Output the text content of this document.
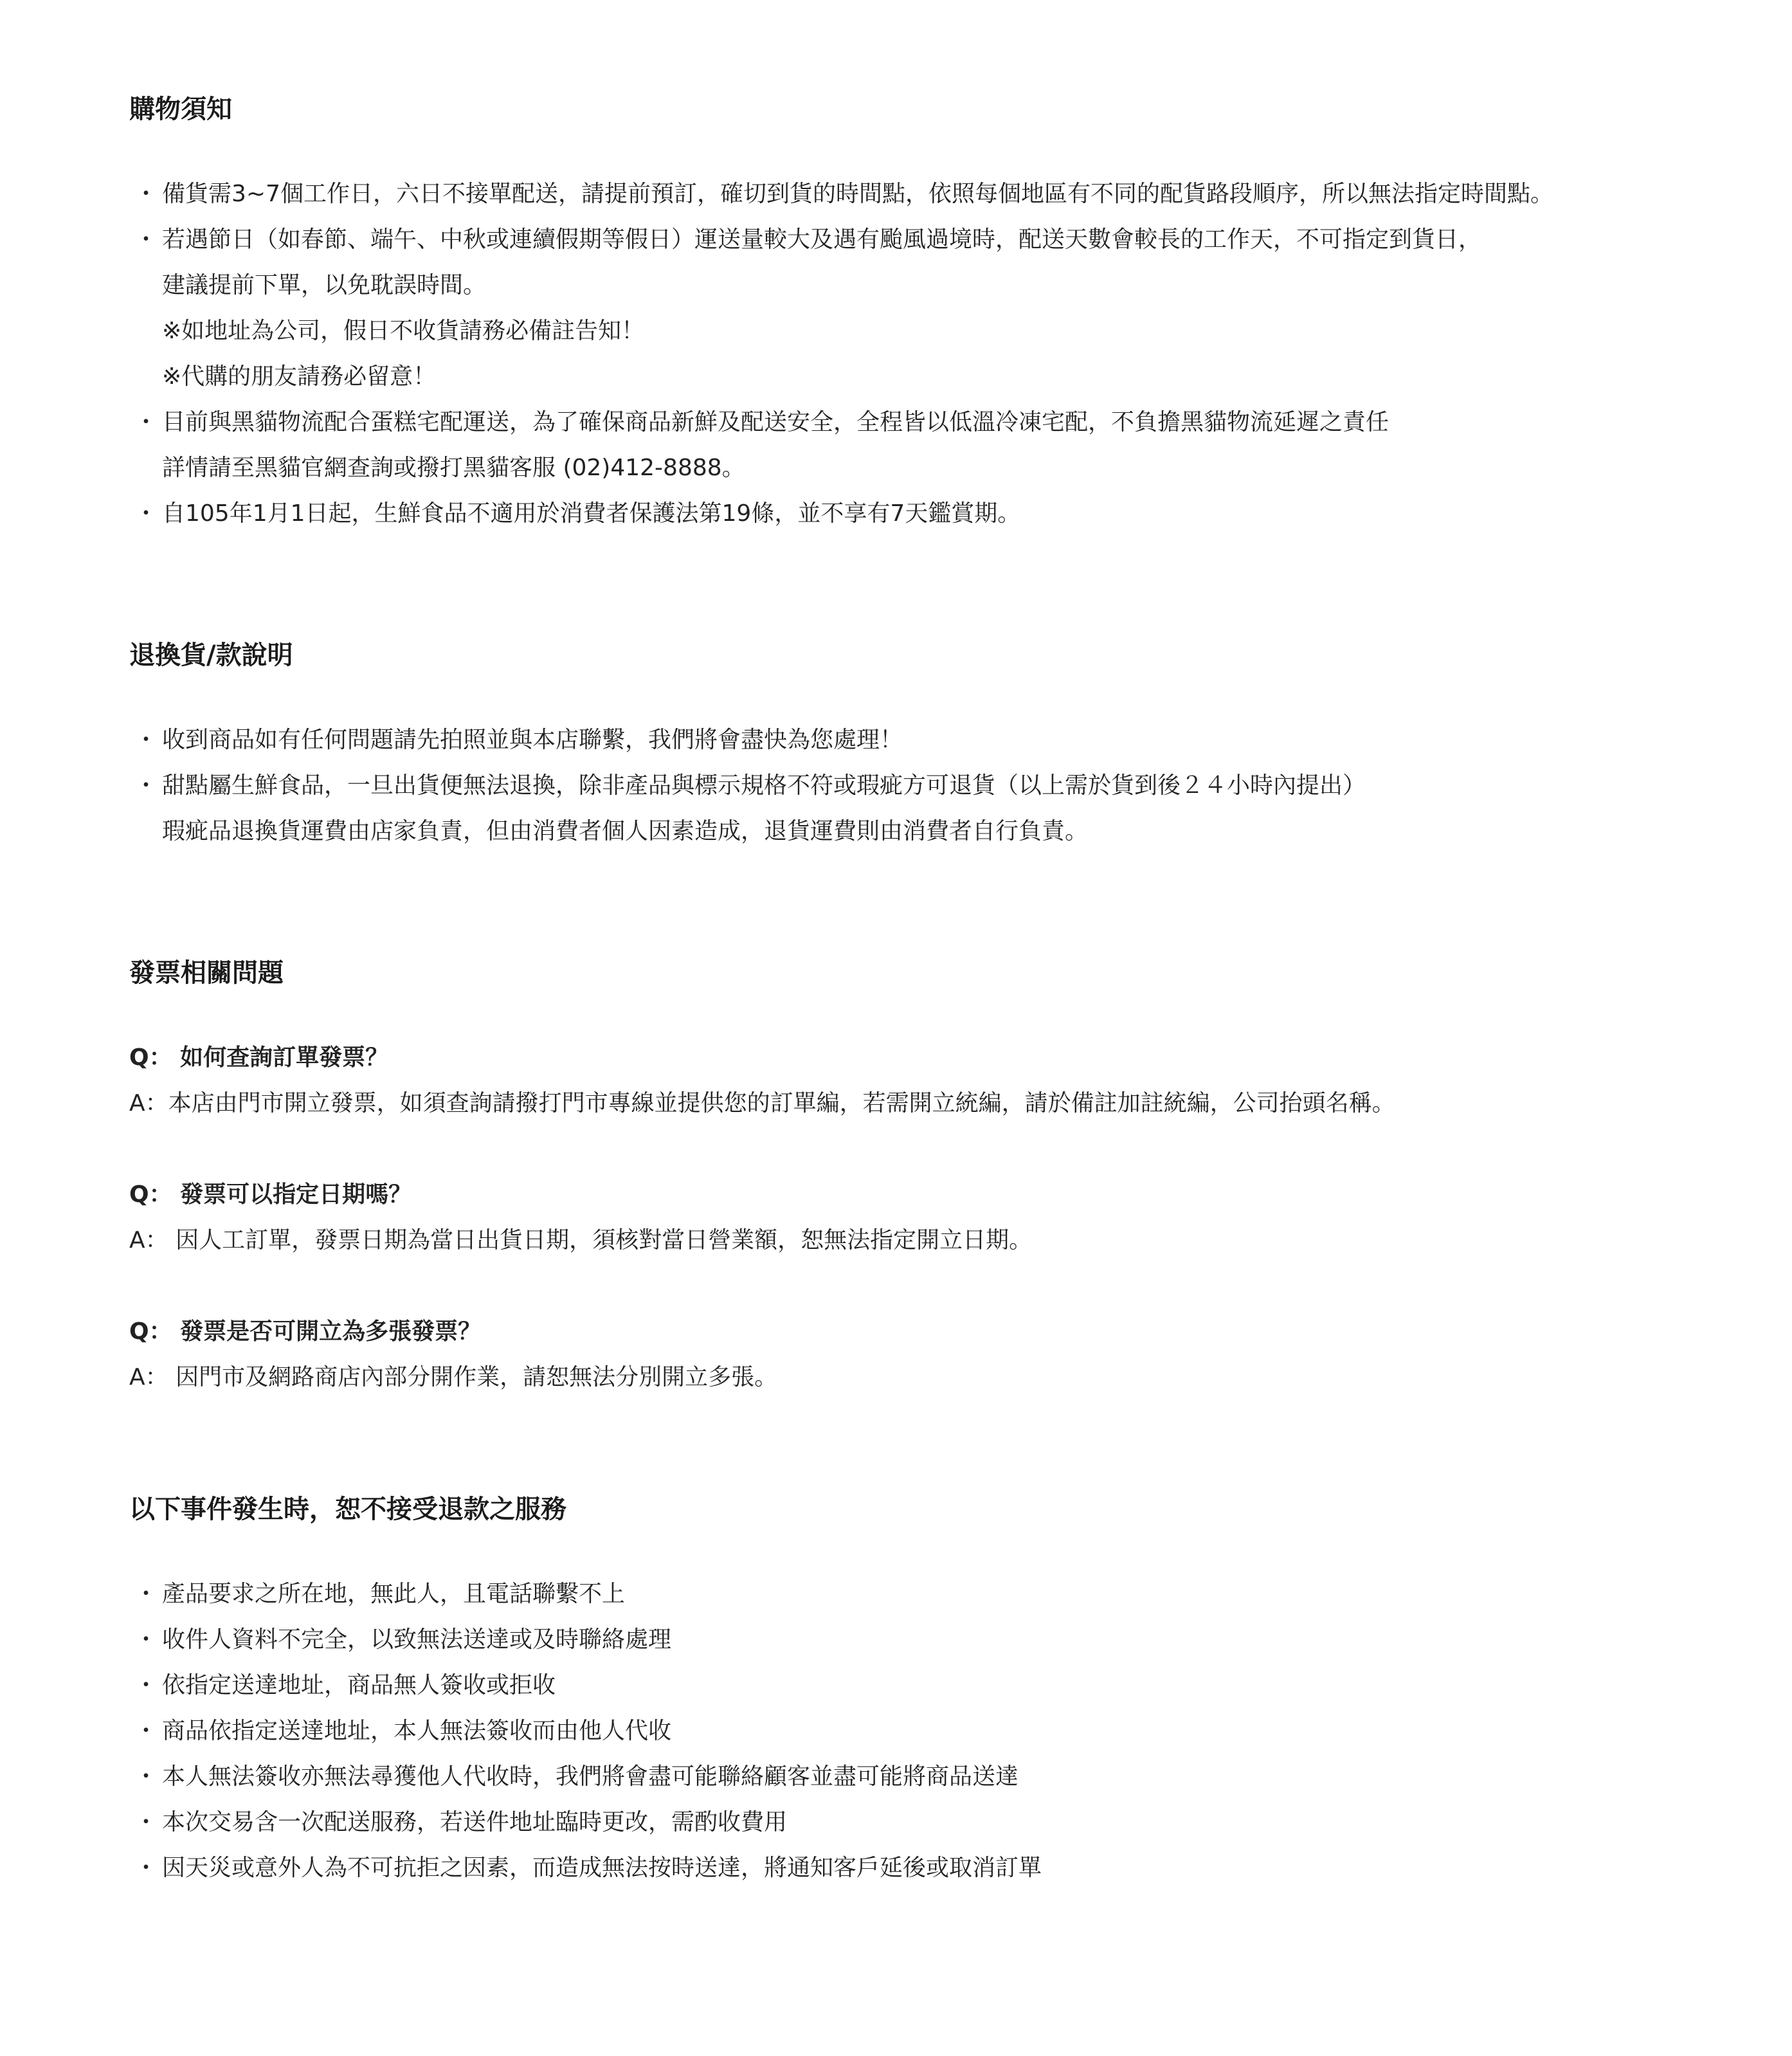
購物須知
・ 備貨需3~7個工作日，六日不接單配送，請提前預訂，確切到貨的時間點，依照每個地區有不同的配貨路段順序，所以無法指定時間點。
・ 若遇節日（如春節、端午、中秋或連續假期等假日）運送量較大及遇有颱風過境時，配送天數會較長的工作天，不可指定到貨日，
建議提前下單，以免耽誤時間。
※如地址為公司，假日不收貨請務必備註告知！
※代購的朋友請務必留意！
・ 目前與黑貓物流配合蛋糕宅配運送，為了確保商品新鮮及配送安全，全程皆以低溫冷凍宅配，不負擔黑貓物流延遲之責任
詳情請至黑貓官網查詢或撥打黑貓客服 (02)412-8888。
・ 自105年1月1日起，生鮮食品不適用於消費者保護法第19條，並不享有7天鑑賞期。
退換貨/款說明
・ 收到商品如有任何問題請先拍照並與本店聯繫，我們將會盡快為您處理！
・ 甜點屬生鮮食品，一旦出貨便無法退換，除非產品與標示規格不符或瑕疵方可退貨（以上需於貨到後２４小時內提出）
瑕疵品退換貨運費由店家負責，但由消費者個人因素造成，退貨運費則由消費者自行負責。
發票相關問題
Q： 如何查詢訂單發票？
A：本店由門市開立發票，如須查詢請撥打門市專線並提供您的訂單編，若需開立統編，請於備註加註統編，公司抬頭名稱。
Q： 發票可以指定日期嗎？
A： 因人工訂單，發票日期為當日出貨日期，須核對當日營業額，恕無法指定開立日期。
Q： 發票是否可開立為多張發票？
A： 因門市及網路商店內部分開作業，請恕無法分別開立多張。
以下事件發生時，恕不接受退款之服務
・ 產品要求之所在地，無此人，且電話聯繫不上
・ 收件人資料不完全，以致無法送達或及時聯絡處理
・ 依指定送達地址，商品無人簽收或拒收
・ 商品依指定送達地址，本人無法簽收而由他人代收
・ 本人無法簽收亦無法尋獲他人代收時，我們將會盡可能聯絡顧客並盡可能將商品送達
・ 本次交易含一次配送服務，若送件地址臨時更改，需酌收費用
・ 因天災或意外人為不可抗拒之因素，而造成無法按時送達，將通知客戶延後或取消訂單
